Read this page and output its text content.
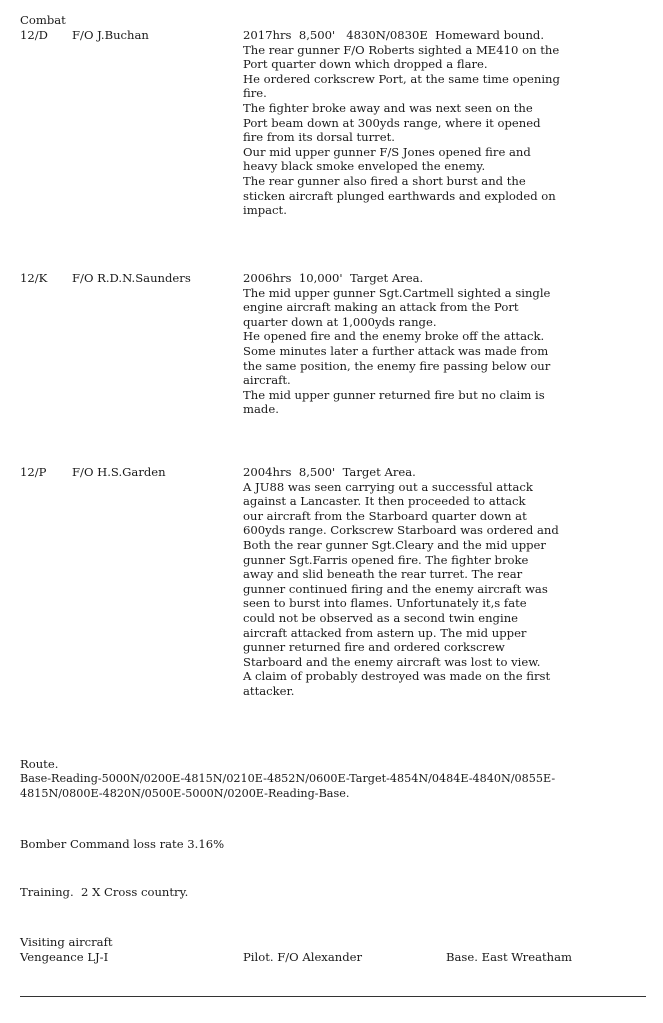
Combat
12/D F/O J.Buchan	2017hrs  8,500'   4830N/0830E  Homeward bound.
The rear gunner F/O Roberts sighted a ME410 on the
Port quarter down which dropped a flare.
He ordered corkscrew Port, at the same time opening
fire.
The fighter broke away and was next seen on the
Port beam down at 300yds range, where it opened
fire from its dorsal turret.
Our mid upper gunner F/S Jones opened fire and
heavy black smoke enveloped the enemy.
The rear gunner also fired a short burst and the
sticken aircraft plunged earthwards and exploded on
impact.
12/K F/O R.D.N.Saunders	2006hrs  10,000'  Target Area.
The mid upper gunner Sgt.Cartmell sighted a single
engine aircraft making an attack from the Port
quarter down at 1,000yds range.
He opened fire and the enemy broke off the attack.
Some minutes later a further attack was made from
the same position, the enemy fire passing below our
aircraft.
The mid upper gunner returned fire but no claim is
made.
12/P F/O H.S.Garden	2004hrs  8,500'  Target Area.
A JU88 was seen carrying out a successful attack
against a Lancaster. It then proceeded to attack
our aircraft from the Starboard quarter down at
600yds range. Corkscrew Starboard was ordered and
Both the rear gunner Sgt.Cleary and the mid upper
gunner Sgt.Farris opened fire. The fighter broke
away and slid beneath the rear turret. The rear
gunner continued firing and the enemy aircraft was
seen to burst into flames. Unfortunately it,s fate
could not be observed as a second twin engine
aircraft attacked from astern up. The mid upper
gunner returned fire and ordered corkscrew
Starboard and the enemy aircraft was lost to view.
A claim of probably destroyed was made on the first
attacker.
Route.
Base-Reading-5000N/0200E-4815N/0210E-4852N/0600E-Target-4854N/0484E-4840N/0855E-
4815N/0800E-4820N/0500E-5000N/0200E-Reading-Base.
Bomber Command loss rate 3.16%
Training.  2 X Cross country.
Visiting aircraft
Vengeance LJ-I	Pilot. F/O Alexander	Base. East Wreatham
